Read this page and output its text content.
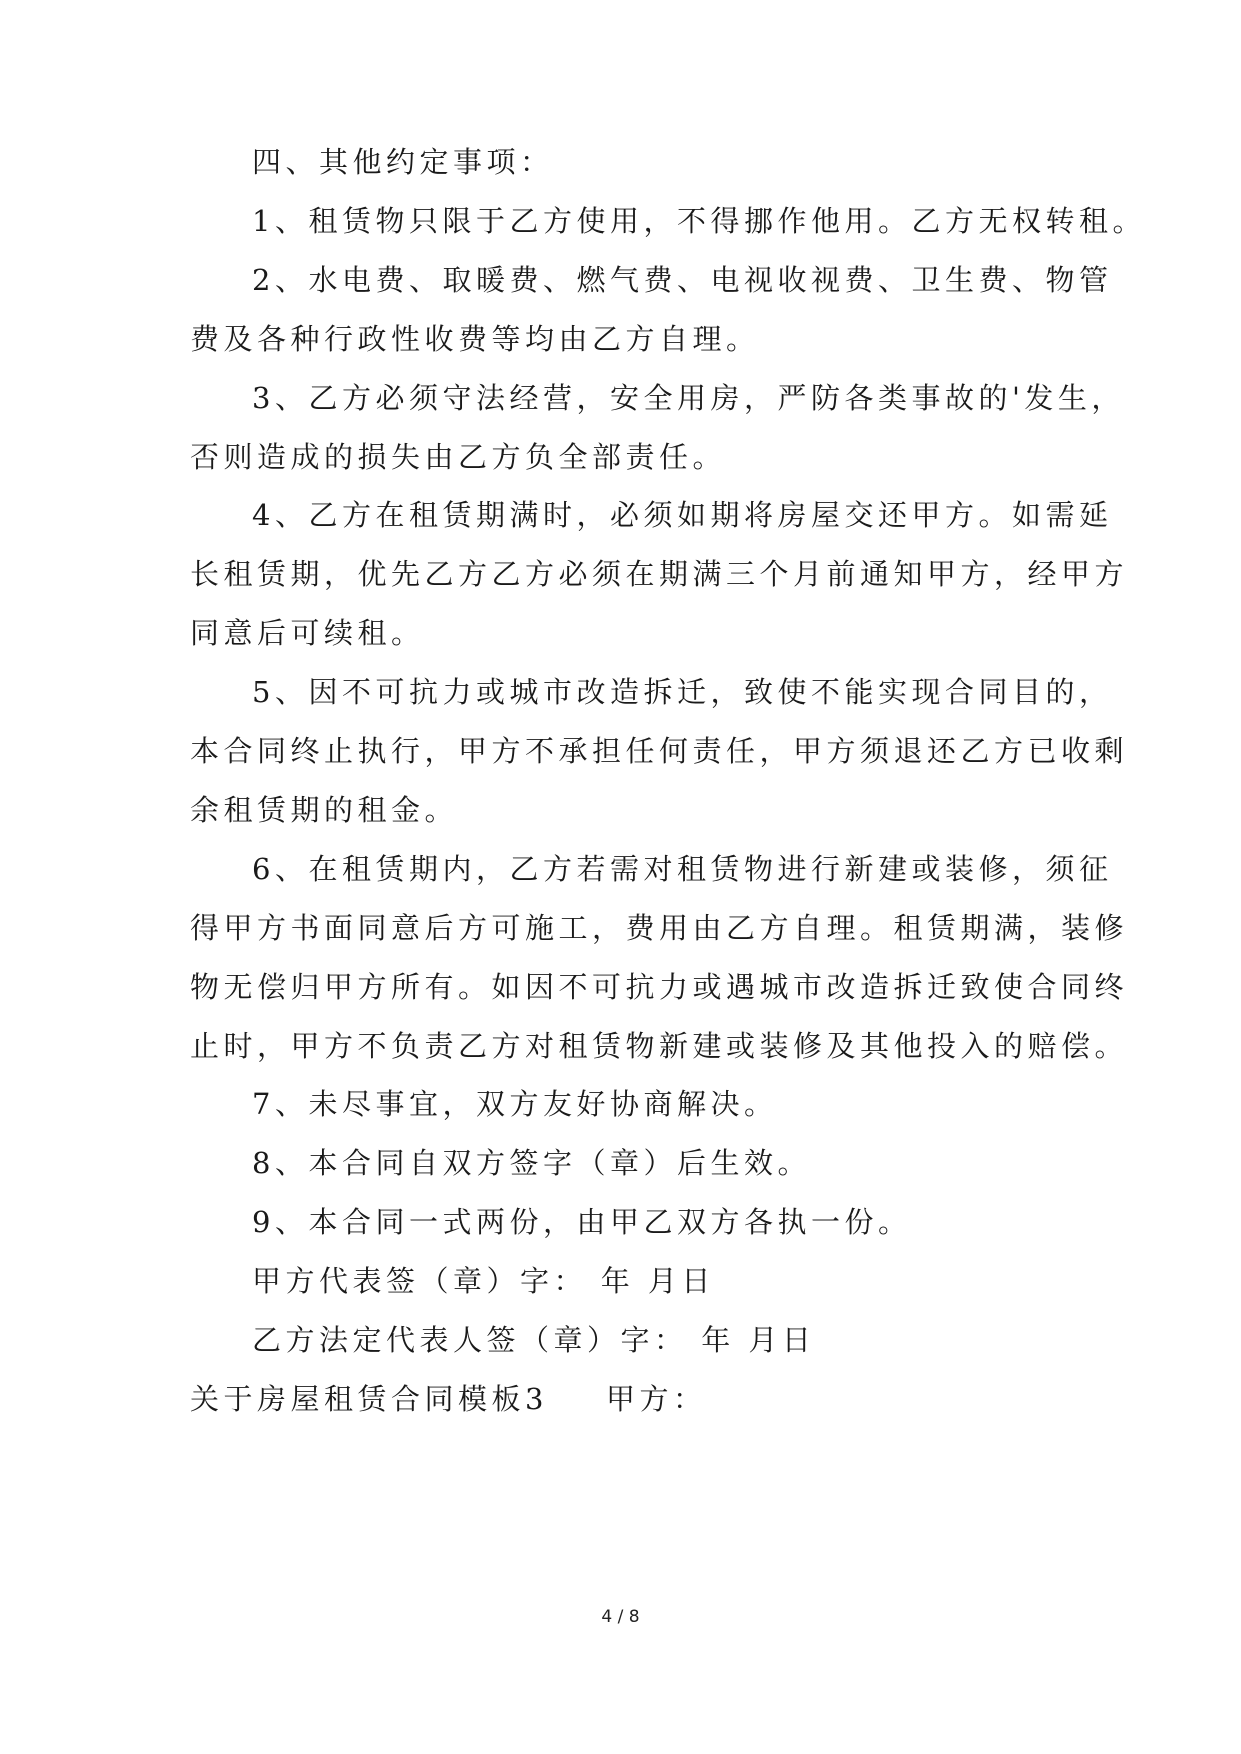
四、其他约定事项：
1、租赁物只限于乙方使用，不得挪作他用。乙方无权转租。
2、水电费、取暖费、燃气费、电视收视费、卫生费、物管
费及各种行政性收费等均由乙方自理。
3、乙方必须守法经营，安全用房，严防各类事故的'发生，
否则造成的损失由乙方负全部责任。
4、乙方在租赁期满时，必须如期将房屋交还甲方。如需延
长租赁期，优先乙方乙方必须在期满三个月前通知甲方，经甲方
同意后可续租。
5、因不可抗力或城市改造拆迁，致使不能实现合同目的，
本合同终止执行，甲方不承担任何责任，甲方须退还乙方已收剩
余租赁期的租金。
6、在租赁期内，乙方若需对租赁物进行新建或装修，须征
得甲方书面同意后方可施工，费用由乙方自理。租赁期满，装修
物无偿归甲方所有。如因不可抗力或遇城市改造拆迁致使合同终
止时，甲方不负责乙方对租赁物新建或装修及其他投入的赔偿。
7、未尽事宜，双方友好协商解决。
8、本合同自双方签字（章）后生效。
9、本合同一式两份，由甲乙双方各执一份。
甲方代表签（章）字： 年 月日
乙方法定代表人签（章）字： 年 月日
关于房屋租赁合同模板3 甲方：
4 / 8
